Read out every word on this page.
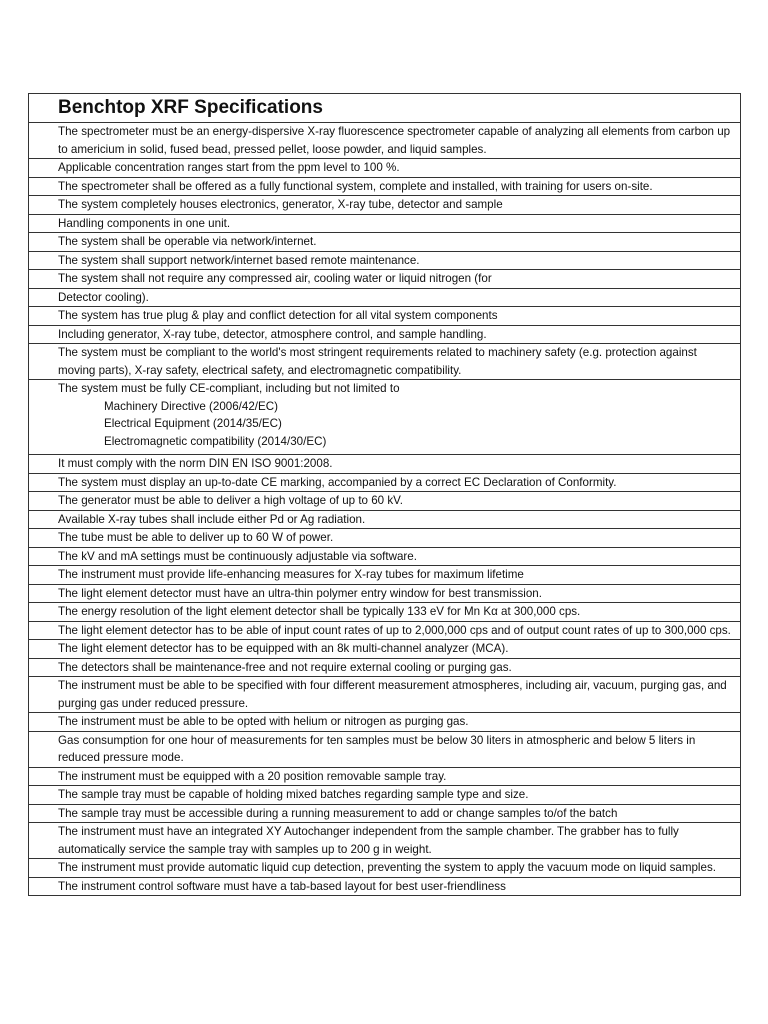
Benchtop XRF Specifications
The spectrometer must be an energy-dispersive X-ray fluorescence spectrometer capable of analyzing all elements from carbon up to americium in solid, fused bead, pressed pellet, loose powder, and liquid samples.
Applicable concentration ranges start from the ppm level to 100 %.
The spectrometer shall be offered as a fully functional system, complete and installed, with training for users on-site.
The system completely houses electronics, generator, X-ray tube, detector and sample
Handling components in one unit.
The system shall be operable via network/internet.
The system shall support network/internet based remote maintenance.
The system shall not require any compressed air, cooling water or liquid nitrogen (for
Detector cooling).
The system has true plug & play and conflict detection for all vital system components
Including generator, X-ray tube, detector, atmosphere control, and sample handling.
The system must be compliant to the world's most stringent requirements related to machinery safety (e.g. protection against moving parts), X-ray safety, electrical safety, and electromagnetic compatibility.

The system must be fully CE-compliant, including but not limited to
Machinery Directive (2006/42/EC)
Electrical Equipment (2014/35/EC)
Electromagnetic compatibility (2014/30/EC)

It must comply with the norm DIN EN ISO 9001:2008.
The system must display an up-to-date CE marking, accompanied by a correct EC Declaration of Conformity.
The generator must be able to deliver a high voltage of up to 60 kV.
Available X-ray tubes shall include either Pd or Ag radiation.
The tube must be able to deliver up to 60 W of power.
The kV and mA settings must be continuously adjustable via software.
The instrument must provide life-enhancing measures for X-ray tubes for maximum lifetime
The light element detector must have an ultra-thin polymer entry window for best transmission.
The energy resolution of the light element detector shall be typically 133 eV for Mn Kα at 300,000 cps.
The light element detector has to be able of input count rates of up to 2,000,000 cps and of output count rates of up to 300,000 cps.
The light element detector has to be equipped with an 8k multi-channel analyzer (MCA).
The detectors shall be maintenance-free and not require external cooling or purging gas.
The instrument must be able to be specified with four different measurement atmospheres, including air, vacuum, purging gas, and purging gas under reduced pressure.
The instrument must be able to be opted with helium or nitrogen as purging gas.
Gas consumption for one hour of measurements for ten samples must be below 30 liters in atmospheric and below 5 liters in reduced pressure mode.
The instrument must be equipped with a 20 position removable sample tray.
The sample tray must be capable of holding mixed batches regarding sample type and size.
The sample tray must be accessible during a running measurement to add or change samples to/of the batch
The instrument must have an integrated XY Autochanger independent from the sample chamber. The grabber has to fully automatically service the sample tray with samples up to 200 g in weight.
The instrument must provide automatic liquid cup detection, preventing the system to apply the vacuum mode on liquid samples.
The instrument control software must have a tab-based layout for best user-friendliness
